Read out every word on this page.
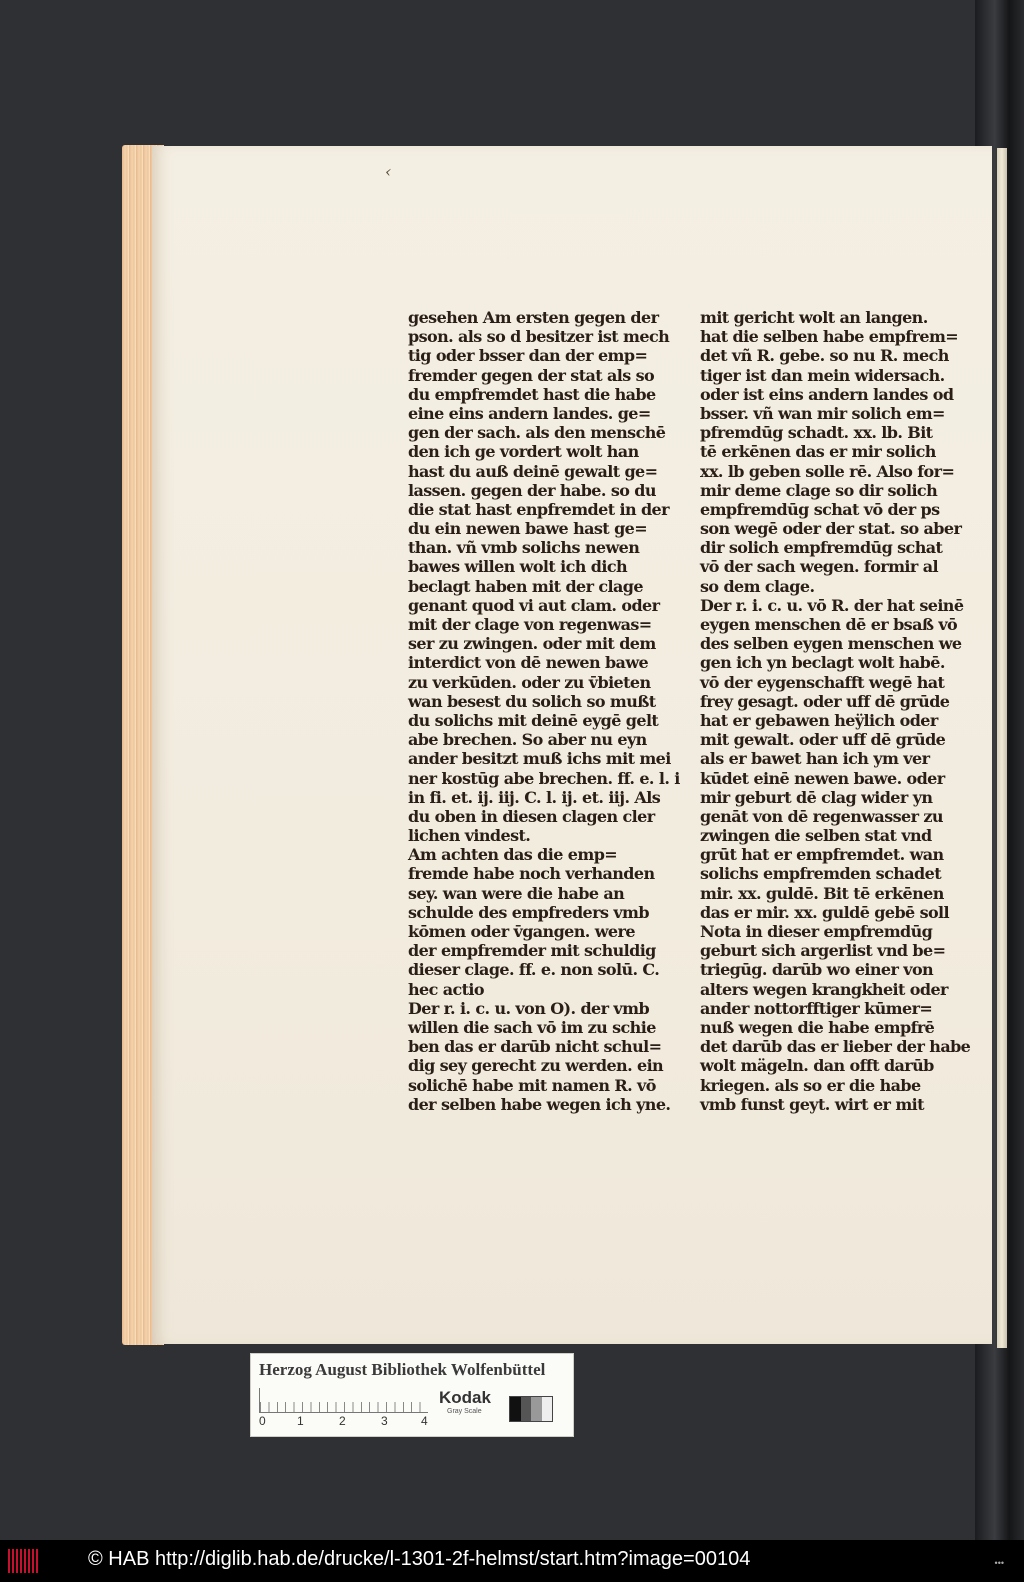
‹
gesehen Am ersten gegen der
pson. als so d besitzer ist mech
tig oder bsser dan der emp=
fremder gegen der stat als so
du empfremdet hast die habe
eine eins andern landes. ge=
gen der sach. als den menschē
den ich ge vordert wolt han
hast du auß deinē gewalt ge=
lassen. gegen der habe. so du
die stat hast enpfremdet in der
du ein newen bawe hast ge=
than. vñ vmb solichs newen
bawes willen wolt ich dich
beclagt haben mit der clage
genant quod vi aut clam. oder
mit der clage von regenwas=
ser zu zwingen. oder mit dem
interdict von dē newen bawe
zu verkūden. oder zu v̄bieten
wan besest du solich so mußt
du solichs mit deinē eygē gelt
abe brechen. So aber nu eyn
ander besitzt muß ichs mit mei
ner kostūg abe brechen. ff. e. l. i
in fi. et. ij. iij. C. l. ij. et. iij. Als
du oben in diesen clagen cler
lichen vindest.
Am achten das die emp=
fremde habe noch verhanden
sey. wan were die habe an
schulde des empfreders vmb
kōmen oder v̄gangen. were
der empfremder mit schuldig
dieser clage. ff. e. non solū. C.
hec actio
Der r. i. c. u. von O). der vmb
willen die sach vō im zu schie
ben das er darūb nicht schul=
dig sey gerecht zu werden. ein
solichē habe mit namen R. vō
der selben habe wegen ich yne.
mit gericht wolt an langen.
hat die selben habe empfrem=
det vñ R. gebe. so nu R. mech
tiger ist dan mein widersach.
oder ist eins andern landes od
bsser. vñ wan mir solich em=
pfremdūg schadt. xx. lb. Bit
tē erkēnen das er mir solich
xx. lb geben solle rē. Also for=
mir deme clage so dir solich
empfremdūg schat vō der ps
son wegē oder der stat. so aber
dir solich empfremdūg schat
vō der sach wegen. formir al
so dem clage.
Der r. i. c. u. vō R. der hat seinē
eygen menschen dē er bsaß vō
des selben eygen menschen we
gen ich yn beclagt wolt habē.
vō der eygenschafft wegē hat
frey gesagt. oder uff dē grūde
hat er gebawen heÿlich oder
mit gewalt. oder uff dē grūde
als er bawet han ich ym ver
kūdet einē newen bawe. oder
mir geburt dē clag wider yn
genāt von dē regenwasser zu
zwingen die selben stat vnd
grūt hat er empfremdet. wan
solichs empfremden schadet
mir. xx. guldē. Bit tē erkēnen
das er mir. xx. guldē gebē soll
Nota in dieser empfremdūg
geburt sich argerlist vnd be=
triegūg. darūb wo einer von
alters wegen krangkheit oder
ander nottorfftiger kūmer=
nuß wegen die habe empfrē
det darūb das er lieber der habe
wolt mägeln. dan offt darūb
kriegen. als so er die habe
vmb funst geyt. wirt er mit
Herzog August Bibliothek Wolfenbüttel
0	1	2	3	4
Kodak
Gray Scale
© HAB http://diglib.hab.de/drucke/l-1301-2f-helmst/start.htm?image=00104	•••
